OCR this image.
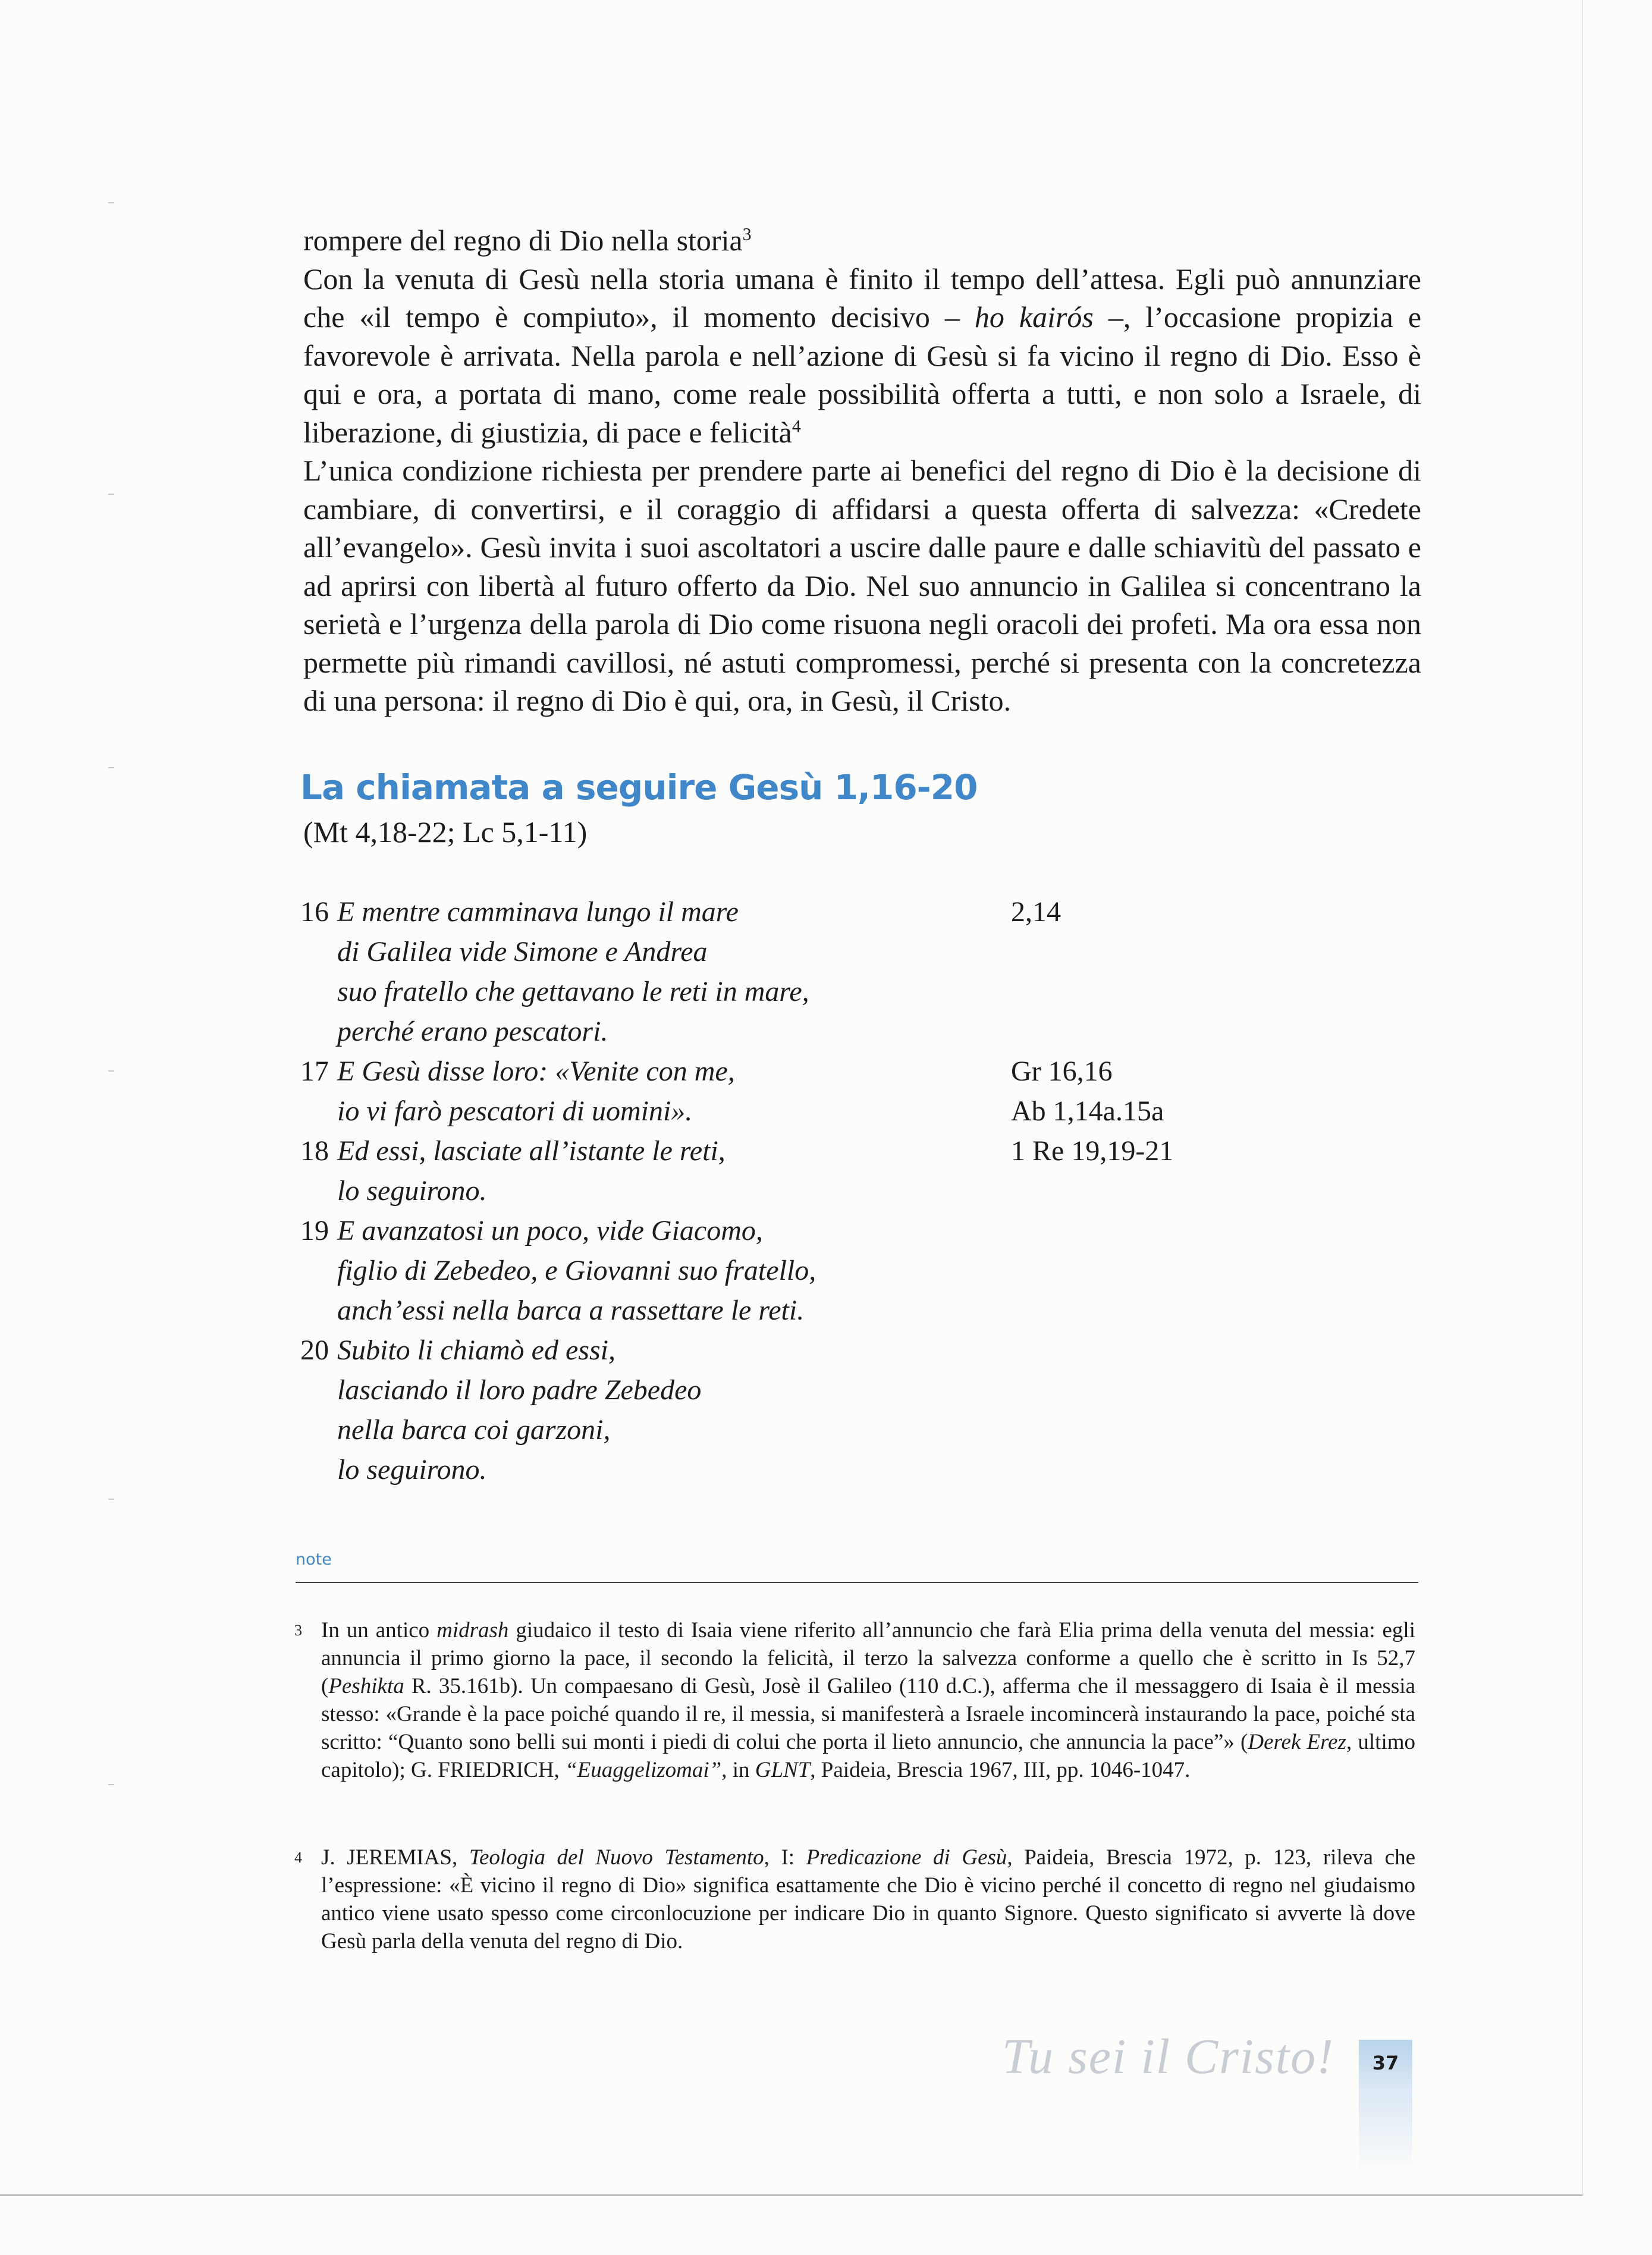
rompere del regno di Dio nella storia$^3$

Con la venuta di Gesù nella storia umana è finito il tempo dell’attesa. Egli può annunziare che «il tempo è compiuto», il momento decisivo – ho kairós –, l’occasione propizia e favorevole è arrivata. Nella parola e nell’azione di Gesù si fa vicino il regno di Dio. Esso è qui e ora, a portata di mano, come reale possibilità offerta a tutti, e non solo a Israele, di liberazione, di giustizia, di pace e felicità$^4$

L’unica condizione richiesta per prendere parte ai benefici del regno di Dio è la decisione di cambiare, di convertirsi, e il coraggio di affidarsi a questa offerta di salvezza: «Credete all’evangelo». Gesù invita i suoi ascoltatori a uscire dalle paure e dalle schiavitù del passato e ad aprirsi con libertà al futuro offerto da Dio. Nel suo annuncio in Galilea si concentrano la serietà e l’urgenza della parola di Dio come risuona negli oracoli dei profeti. Ma ora essa non permette più rimandi cavillosi, né astuti compromessi, perché si presenta con la concretezza di una persona: il regno di Dio è qui, ora, in Gesù, il Cristo.

La chiamata a seguire Gesù 1,16-20
(Mt 4,18-22; Lc 5,1-11)
16 E mentre camminava lungo il mare	2,14
di Galilea vide Simone e Andrea
suo fratello che gettavano le reti in mare,
perché erano pescatori.
17 E Gesù disse loro: «Venite con me,	Gr 16,16
io vi farò pescatori di uomini».	Ab 1,14a.15a
18 Ed essi, lasciate all’istante le reti,	1 Re 19,19-21
lo seguirono.
19 E avanzatosi un poco, vide Giacomo,
figlio di Zebedeo, e Giovanni suo fratello,
anch’essi nella barca a rassettare le reti.
20 Subito li chiamò ed essi,
lasciando il loro padre Zebedeo
nella barca coi garzoni,
lo seguirono.
note
3 In un antico midrash giudaico il testo di Isaia viene riferito all’annuncio che farà Elia prima della venuta del messia: egli annuncia il primo giorno la pace, il secondo la felicità, il terzo la salvezza conforme a quello che è scritto in Is 52,7 (Peshikta R. 35.161b). Un compaesano di Gesù, Josè il Galileo (110 d.C.), afferma che il messaggero di Isaia è il messia stesso: «Grande è la pace poiché quando il re, il messia, si manifesterà a Israele incomincerà instaurando la pace, poiché sta scritto: “Quanto sono belli sui monti i piedi di colui che porta il lieto annuncio, che annuncia la pace”» (Derek Erez, ultimo capitolo); G. FRIEDRICH, “Euaggelizomai”, in GLNT, Paideia, Brescia 1967, III, pp. 1046-1047.
4 J. JEREMIAS, Teologia del Nuovo Testamento, I: Predicazione di Gesù, Paideia, Brescia 1972, p. 123, rileva che l’espressione: «È vicino il regno di Dio» significa esattamente che Dio è vicino perché il concetto di regno nel giudaismo antico viene usato spesso come circonlocuzione per indicare Dio in quanto Signore. Questo significato si avverte là dove Gesù parla della venuta del regno di Dio.
Tu sei il Cristo!	37
